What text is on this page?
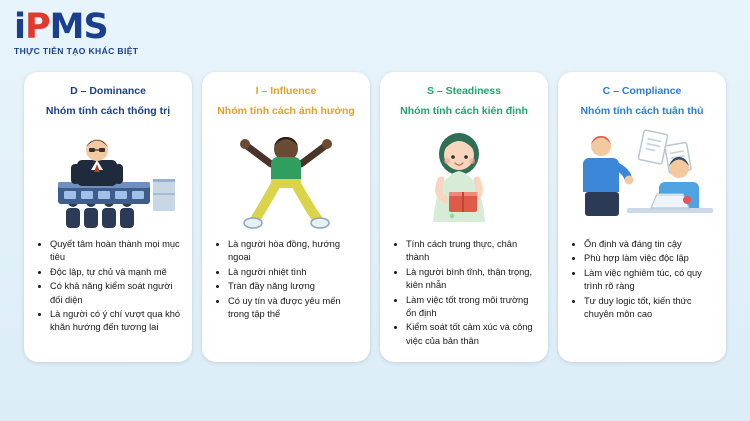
iPMS
THỰC TIỄN TẠO KHÁC BIỆT
D – Dominance
Nhóm tính cách thống trị
• Quyết tâm hoàn thành mọi mục tiêu
• Độc lập, tự chủ và mạnh mẽ
• Có khả năng kiểm soát người đối diện
• Là người có ý chí vượt qua khó khăn hướng đến tương lai
I – Influence
Nhóm tính cách ảnh hưởng
• Là người hòa đồng, hướng ngoại
• Là người nhiệt tình
• Tràn đầy năng lượng
• Có uy tín và được yêu mến trong tập thể
S – Steadiness
Nhóm tính cách kiên định
• Tính cách trung thực, chân thành
• Là người bình tĩnh, thận trọng, kiên nhẫn
• Làm việc tốt trong môi trường ổn định
• Kiểm soát tốt cảm xúc và công việc của bản thân
C – Compliance
Nhóm tính cách tuân thủ
• Ổn định và đáng tin cậy
• Phù hợp làm việc độc lập
• Làm việc nghiêm túc, có quy trình rõ ràng
• Tư duy logic tốt, kiến thức chuyên môn cao
